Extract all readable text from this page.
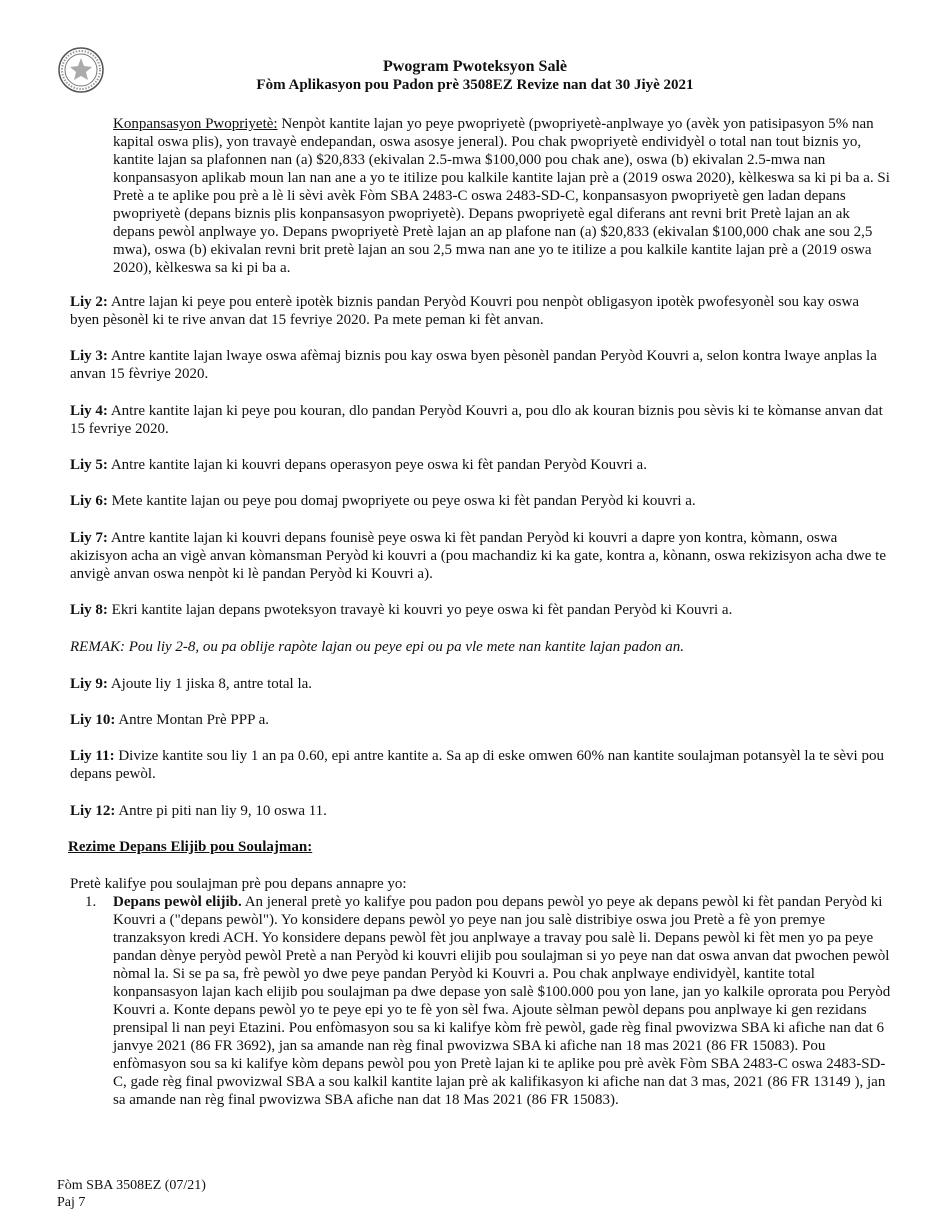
Pwogram Pwoteksyon Salè
Fòm Aplikasyon pou Padon prè 3508EZ Revize nan dat 30 Jiyè 2021

Konpansasyon Pwopriyetè: Nenpòt kantite lajan yo peye pwopriyetè (pwopriyetè-anplwaye yo (avèk yon patisipasyon 5% nan kapital oswa plis), yon travayè endepandan, oswa asosye jeneral). Pou chak pwopriyetè endividyèl o total nan tout biznis yo, kantite lajan sa plafonnen nan (a) $20,833 (ekivalan 2.5-mwa $100,000 pou chak ane), oswa (b) ekivalan 2.5-mwa nan konpansasyon aplikab moun lan nan ane a yo te itilize pou kalkile kantite lajan prè a (2019 oswa 2020), kèlkeswa sa ki pi ba a. Si Pretè a te aplike pou prè a lè li sèvi avèk Fòm SBA 2483-C oswa 2483-SD-C, konpansasyon pwopriyetè gen ladan depans pwopriyetè (depans biznis plis konpansasyon pwopriyetè). Depans pwopriyetè egal diferans ant revni brit Pretè lajan an ak depans pewòl anplwaye yo. Depans pwopriyetè Pretè lajan an ap plafone nan (a) $20,833 (ekivalan $100,000 chak ane sou 2,5 mwa), oswa (b) ekivalan revni brit pretè lajan an sou 2,5 mwa nan ane yo te itilize a pou kalkile kantite lajan prè a (2019 oswa 2020), kèlkeswa sa ki pi ba a.

Liy 2: Antre lajan ki peye pou enterè ipotèk biznis pandan Peryòd Kouvri pou nenpòt obligasyon ipotèk pwofesyonèl sou kay oswa byen pèsonèl ki te rive anvan dat 15 fevriye 2020. Pa mete peman ki fèt anvan.

Liy 3: Antre kantite lajan lwaye oswa afèmaj biznis pou kay oswa byen pèsonèl pandan Peryòd Kouvri a, selon kontra lwaye anplas la anvan 15 fèvriye 2020.

Liy 4: Antre kantite lajan ki peye pou kouran, dlo pandan Peryòd Kouvri a, pou dlo ak kouran biznis pou sèvis ki te kòmanse anvan dat 15 fevriye 2020.

Liy 5: Antre kantite lajan ki kouvri depans operasyon peye oswa ki fèt pandan Peryòd Kouvri a.

Liy 6: Mete kantite lajan ou peye pou domaj pwopriyete ou peye oswa ki fèt pandan Peryòd ki kouvri a.

Liy 7: Antre kantite lajan ki kouvri depans founisè peye oswa ki fèt pandan Peryòd ki kouvri a dapre yon kontra, kòmann, oswa akizisyon acha an vigè anvan kòmansman Peryòd ki kouvri a (pou machandiz ki ka gate, kontra a, kònann, oswa rekizisyon acha dwe te anvigè anvan oswa nenpòt ki lè pandan Peryòd ki Kouvri a).

Liy 8: Ekri kantite lajan depans pwoteksyon travayè ki kouvri yo peye oswa ki fèt pandan Peryòd ki Kouvri a.

REMAK: Pou liy 2-8, ou pa oblije rapòte lajan ou peye epi ou pa vle mete nan kantite lajan padon an.

Liy 9: Ajoute liy 1 jiska 8, antre total la.

Liy 10: Antre Montan Prè PPP a.

Liy 11: Divize kantite sou liy 1 an pa 0.60, epi antre kantite a. Sa ap di eske omwen 60% nan kantite soulajman potansyèl la te sèvi pou depans pewòl.

Liy 12: Antre pi piti nan liy 9, 10 oswa 11.

Rezime Depans Elijib pou Soulajman:

Pretè kalifye pou soulajman prè pou depans annapre yo:

1. Depans pewòl elijib. An jeneral pretè yo kalifye pou padon pou depans pewòl yo peye ak depans pewòl ki fèt pandan Peryòd ki Kouvri a ("depans pewòl"). Yo konsidere depans pewòl yo peye nan jou salè distribiye oswa jou Pretè a fè yon premye tranzaksyon kredi ACH. Yo konsidere depans pewòl fèt jou anplwaye a travay pou salè li. Depans pewòl ki fèt men yo pa peye pandan dènye peryòd pewòl Pretè a nan Peryòd ki kouvri elijib pou soulajman si yo peye nan dat oswa anvan dat pwochen pewòl nòmal la. Si se pa sa, frè pewòl yo dwe peye pandan Peryòd ki Kouvri a. Pou chak anplwaye endividyèl, kantite total konpansasyon lajan kach elijib pou soulajman pa dwe depase yon salè $100.000 pou yon lane, jan yo kalkile oprorata pou Peryòd Kouvri a. Konte depans pewòl yo te peye epi yo te fè yon sèl fwa. Ajoute sèlman pewòl depans pou anplwaye ki gen rezidans prensipal li nan peyi Etazini. Pou enfòmasyon sou sa ki kalifye kòm frè pewòl, gade règ final pwovizwa SBA ki afiche nan dat 6 janvye 2021 (86 FR 3692), jan sa amande nan règ final pwovizwa SBA ki afiche nan 18 mas 2021 (86 FR 15083). Pou enfòmasyon sou sa ki kalifye kòm depans pewòl pou yon Pretè lajan ki te aplike pou prè avèk Fòm SBA 2483-C oswa 2483-SD-C, gade règ final pwovizwal SBA a sou kalkil kantite lajan prè ak kalifikasyon ki afiche nan dat 3 mas, 2021 (86 FR 13149 ), jan sa amande nan règ final pwovizwa SBA afiche nan dat 18 Mas 2021 (86 FR 15083).

Fòm SBA 3508EZ (07/21)
Paj 7
